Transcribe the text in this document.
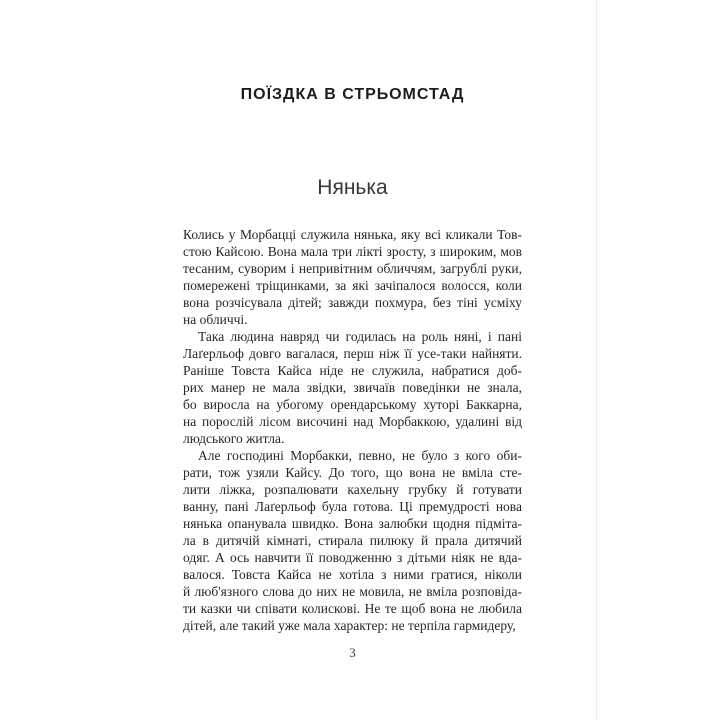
ПОЇЗДКА В СТРЬОМСТАД
Нянька
Колись у Морбацці служила нянька, яку всі кликали Тов-
стою Кайсою. Вона мала три лікті зросту, з широким, мов
тесаним, суворим і непривітним обличчям, загрублі руки,
помережені тріщинками, за які зачіпалося волосся, коли
вона розчісувала дітей; завжди похмура, без тіні усміху
на обличчі.
Така людина навряд чи годилась на роль няні, і пані
Лаґерльоф довго вагалася, перш ніж її усе-таки найняти.
Раніше Товста Кайса ніде не служила, набратися доб-
рих манер не мала звідки, звичаїв поведінки не знала,
бо виросла на убогому орендарському хуторі Баккарна,
на порослій лісом височині над Морбаккою, удалині від
людського житла.
Але господині Морбакки, певно, не було з кого оби-
рати, тож узяли Кайсу. До того, що вона не вміла сте-
лити ліжка, розпалювати кахельну грубку й готувати
ванну, пані Лаґерльоф була готова. Ці премудрості нова
нянька опанувала швидко. Вона залюбки щодня підміта-
ла в дитячій кімнаті, стирала пилюку й прала дитячий
одяг. А ось навчити її поводженню з дітьми ніяк не вда-
валося. Товста Кайса не хотіла з ними гратися, ніколи
й люб'язного слова до них не мовила, не вміла розповіда-
ти казки чи співати колискові. Не те щоб вона не любила
дітей, але такий уже мала характер: не терпіла гармидеру,
3
